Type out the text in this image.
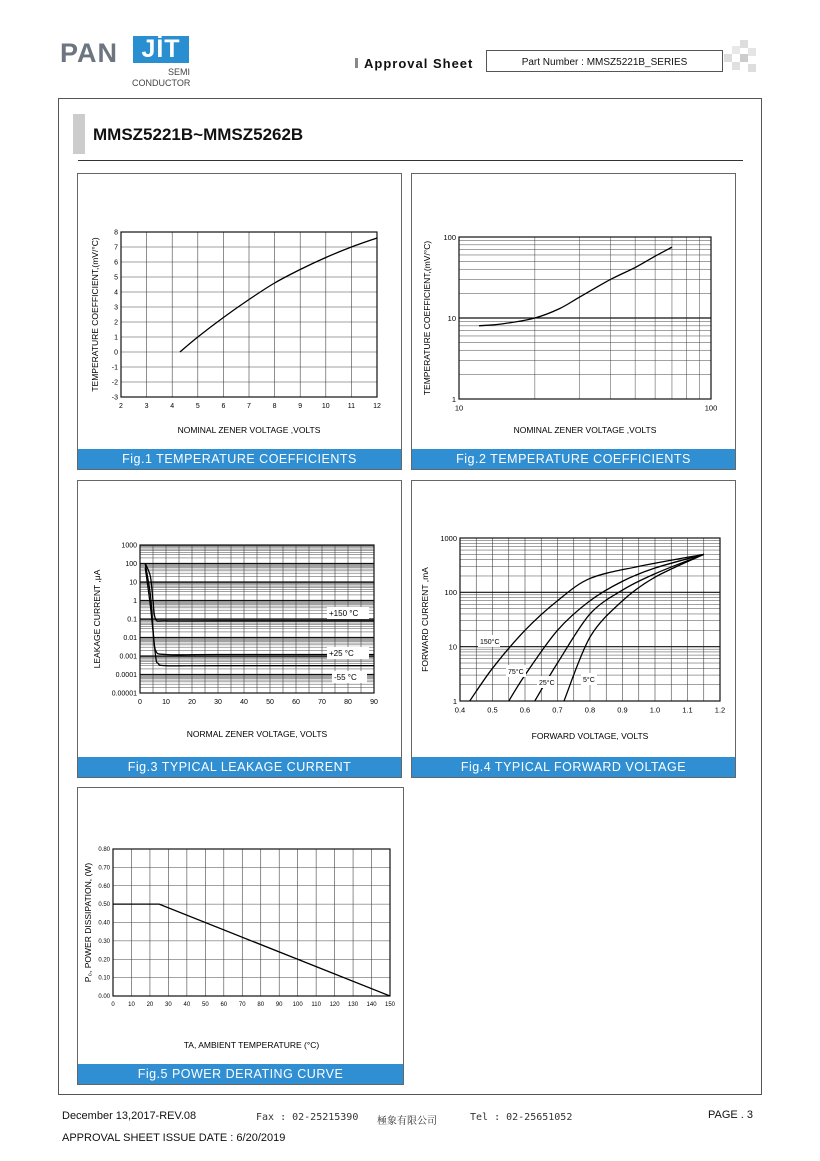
PAN JİT
SEMI
CONDUCTOR
Approval Sheet	Part Number : MMSZ5221B_SERIES
MMSZ5221B~MMSZ5262B
2	3	4	5	6	7	8	9	10	11	12
8
7
6
5
4
3
2
1
0
-1
-2
-3
NOMINAL ZENER VOLTAGE ,VOLTS
TEMPERATURE COEFFICIENT,(mV/°C)
Fig.1 TEMPERATURE COEFFICIENTS
10	100
100
10
1
NOMINAL ZENER VOLTAGE ,VOLTS
TEMPERATURE COEFFICIENT,(mV/°C)
Fig.2 TEMPERATURE COEFFICIENTS
0	10	20	30	40	50	60	70	80	90
1000
100
10
1
0.1
0.01
0.001
0.0001
0.00001
+150 °C
+25 °C
-55 °C
NORMAL ZENER VOLTAGE, VOLTS
LEAKAGE CURRENT ,μA
Fig.3 TYPICAL LEAKAGE CURRENT
0.4	0.5	0.6	0.7	0.8	0.9	1.0	1.1	1.2
1000
100
10
1
150°C
75°C
25°C	5°C
FORWARD VOLTAGE, VOLTS
FORWARD CURRENT ,mA
Fig.4 TYPICAL FORWARD VOLTAGE
0 10 20 30 40 50 60 70 80 90 100 110 120 130 140 150
0.80
0.70
0.60
0.50
0.40
0.30
0.20
0.10
0.00
TA, AMBIENT TEMPERATURE (°C)
P₀, POWER DISSIPATION, (W)
Fig.5 POWER DERATING CURVE
December 13,2017-REV.08	Fax : 02-25215390 極象有限公司	Tel : 02-25651052	PAGE . 3
APPROVAL SHEET ISSUE DATE : 6/20/2019
